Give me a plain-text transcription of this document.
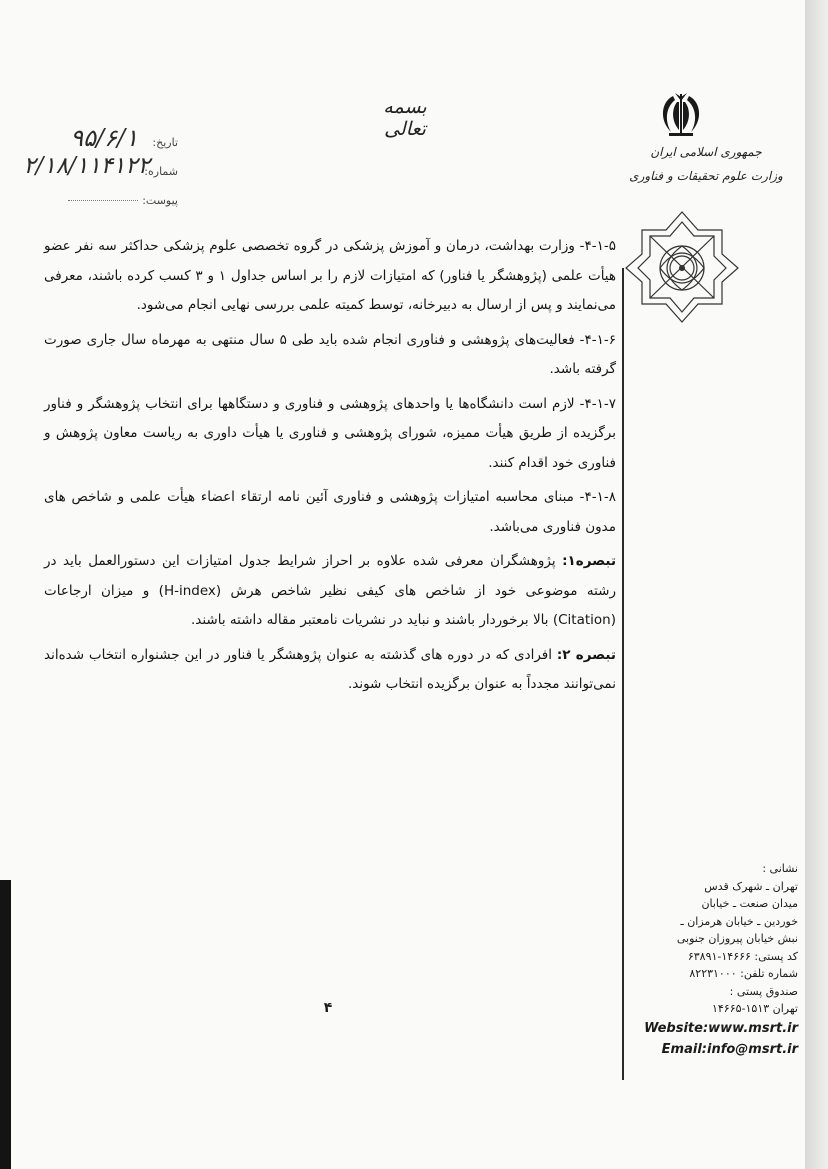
بسمه تعالی
جمهوری اسلامی ایران
وزارت علوم تحقیقات و فناوری
تاریخ:
۹۵/۶/۱
شماره:
۲/۱۸/۱۱۴۱۲۲
پیوست:

۴-۱-۵- وزارت بهداشت، درمان و آموزش پزشکی در گروه تخصصی علوم پزشکی حداکثر سه نفر عضو هیأت علمی (پژوهشگر یا فناور) که امتیازات لازم را بر اساس جداول ۱ و ۳ کسب کرده باشند، معرفی می‌نمایند و پس از ارسال به دبیرخانه، توسط کمیته علمی بررسی نهایی انجام می‌شود.

۴-۱-۶- فعالیت‌های پژوهشی و فناوری انجام شده باید طی ۵ سال منتهی به مهرماه سال جاری صورت گرفته باشد.

۴-۱-۷- لازم است دانشگاه‌ها یا واحدهای پژوهشی و فناوری و دستگاهها برای انتخاب پژوهشگر و فناور برگزیده از طریق هیأت ممیزه، شورای پژوهشی و فناوری یا هیأت داوری به ریاست معاون پژوهش و فناوری خود اقدام کنند.

۴-۱-۸- مبنای محاسبه امتیازات پژوهشی و فناوری آئین نامه ارتقاء اعضاء هیأت علمی و شاخص های مدون فناوری می‌باشد.

تبصره۱: پژوهشگران معرفی شده علاوه بر احراز شرایط جدول امتیازات این دستورالعمل باید در رشته موضوعی خود از شاخص های کیفی نظیر شاخص هرش (H-index) و میزان ارجاعات (Citation) بالا برخوردار باشند و نباید در نشریات نامعتبر مقاله داشته باشند.

تبصره ۲: افرادی که در دوره های گذشته به عنوان پژوهشگر یا فناور در این جشنواره انتخاب شده‌اند نمی‌توانند مجدداً به عنوان برگزیده انتخاب شوند.

۴
نشانی :
تهران ـ شهرک قدس
میدان صنعت ـ خیابان
خوردین ـ خیابان هرمزان ـ
نبش خیابان پیروزان جنوبی
کد پستی: ۱۴۶۶۶-۶۳۸۹۱
شماره تلفن: ۸۲۲۳۱۰۰۰
صندوق پستی :
تهران ۱۵۱۳-۱۴۶۶۵
Website:www.msrt.ir
Email:info@msrt.ir
